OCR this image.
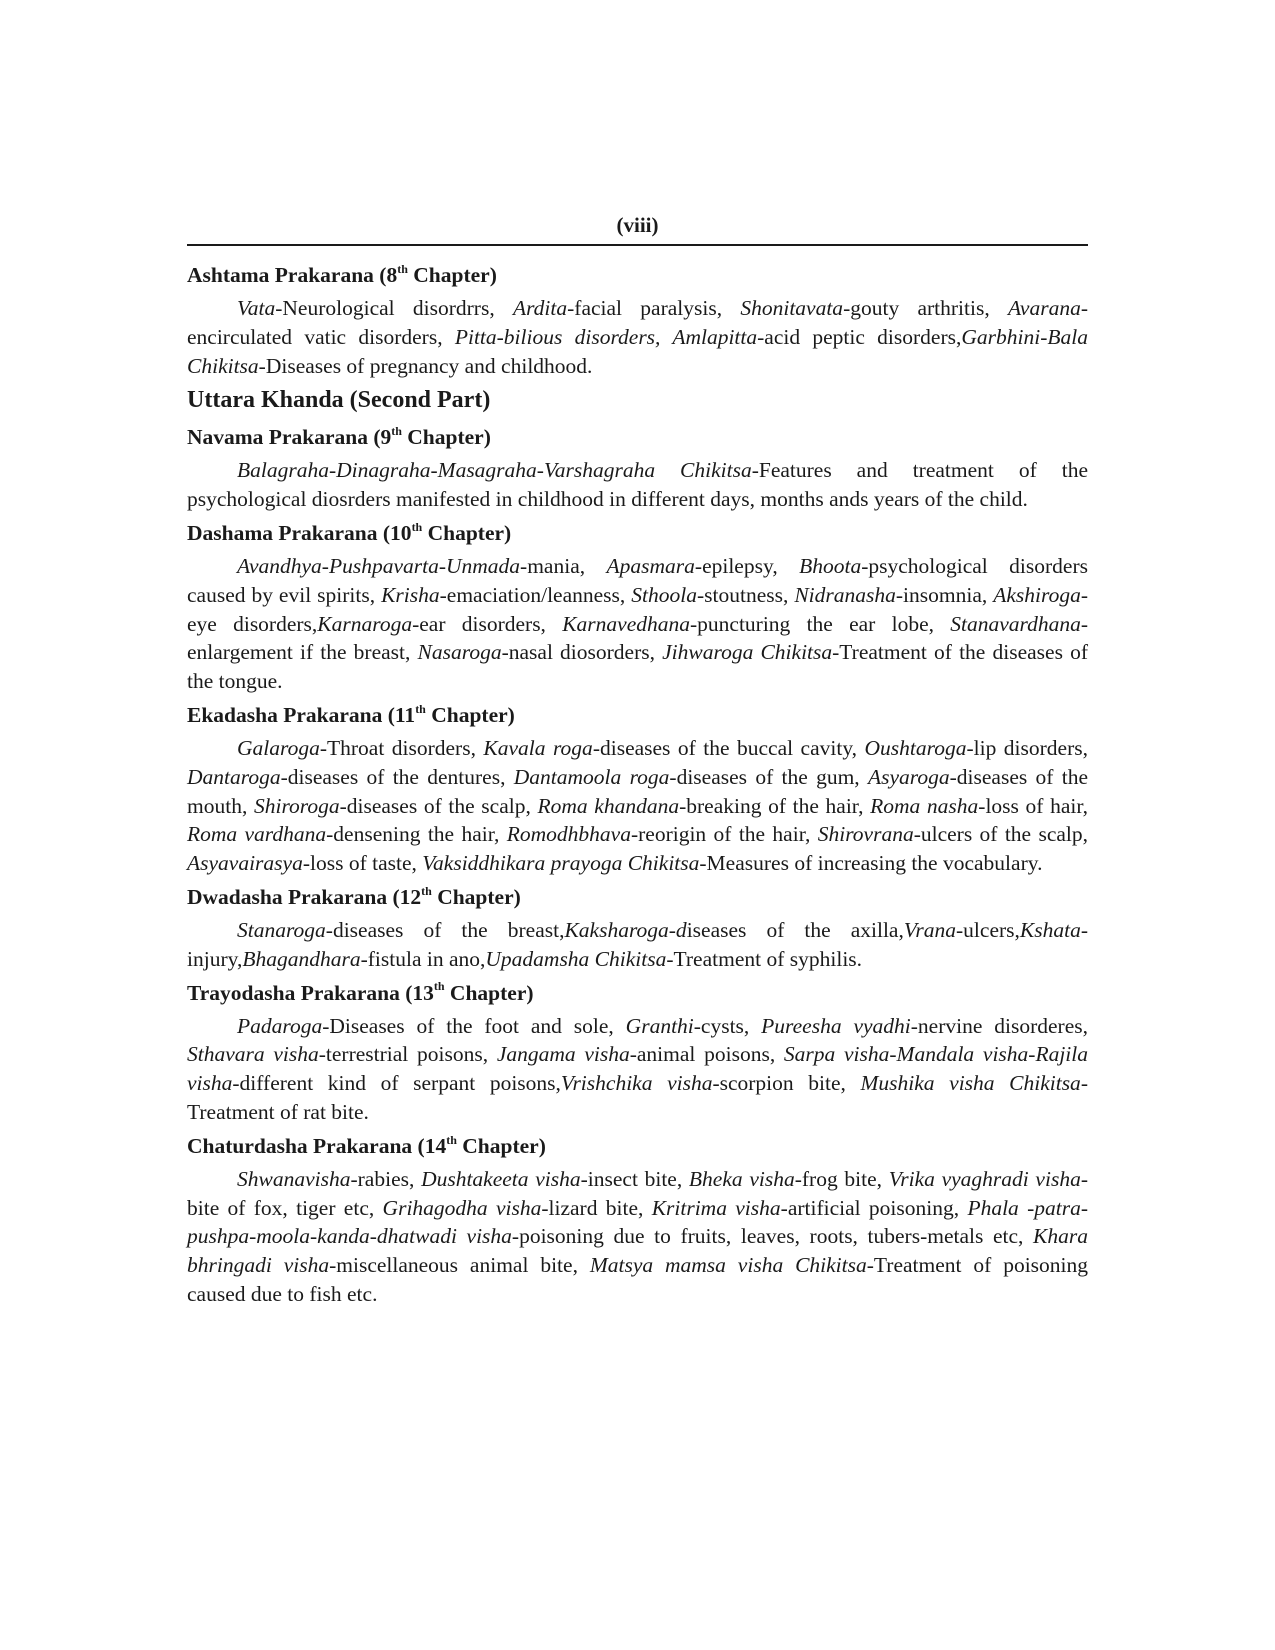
(viii)
Ashtama Prakarana (8th Chapter)

Vata-Neurological disordrrs, Ardita-facial paralysis, Shonitavata-gouty arthritis, Avarana-encirculated vatic disorders, Pitta-bilious disorders, Amlapitta-acid peptic disorders,Garbhini-Bala Chikitsa-Diseases of pregnancy and childhood.

Uttara Khanda (Second Part)
Navama Prakarana (9th Chapter)

Balagraha-Dinagraha-Masagraha-Varshagraha Chikitsa-Features and treatment of the psychological diosrders manifested in childhood in different days, months ands years of the child.

Dashama Prakarana (10th Chapter)

Avandhya-Pushpavarta-Unmada-mania, Apasmara-epilepsy, Bhoota-psychological disorders caused by evil spirits, Krisha-emaciation/leanness, Sthoola-stoutness, Nidranasha-insomnia, Akshiroga-eye disorders,Karnaroga-ear disorders, Karnavedhana-puncturing the ear lobe, Stanavardhana-enlargement if the breast, Nasaroga-nasal diosorders, Jihwaroga Chikitsa-Treatment of the diseases of the tongue.

Ekadasha Prakarana (11th Chapter)

Galaroga-Throat disorders, Kavala roga-diseases of the buccal cavity, Oushtaroga-lip disorders, Dantaroga-diseases of the dentures, Dantamoola roga-diseases of the gum, Asyaroga-diseases of the mouth, Shiroroga-diseases of the scalp, Roma khandana-breaking of the hair, Roma nasha-loss of hair, Roma vardhana-densening the hair, Romodhbhava-reorigin of the hair, Shirovrana-ulcers of the scalp, Asyavairasya-loss of taste, Vaksiddhikara prayoga Chikitsa-Measures of increasing the vocabulary.

Dwadasha Prakarana (12th Chapter)

Stanaroga-diseases of the breast,Kaksharoga-diseases of the axilla,Vrana-ulcers,Kshata-injury,Bhagandhara-fistula in ano,Upadamsha Chikitsa-Treatment of syphilis.

Trayodasha Prakarana (13th Chapter)

Padaroga-Diseases of the foot and sole, Granthi-cysts, Pureesha vyadhi-nervine disorderes, Sthavara visha-terrestrial poisons, Jangama visha-animal poisons, Sarpa visha-Mandala visha-Rajila visha-different kind of serpant poisons,Vrishchika visha-scorpion bite, Mushika visha Chikitsa-Treatment of rat bite.

Chaturdasha Prakarana (14th Chapter)

Shwanavisha-rabies, Dushtakeeta visha-insect bite, Bheka visha-frog bite, Vrika vyaghradi visha-bite of fox, tiger etc, Grihagodha visha-lizard bite, Kritrima visha-artificial poisoning, Phala -patra-pushpa-moola-kanda-dhatwadi visha-poisoning due to fruits, leaves, roots, tubers-metals etc, Khara bhringadi visha-miscellaneous animal bite, Matsya mamsa visha Chikitsa-Treatment of poisoning caused due to fish etc.
